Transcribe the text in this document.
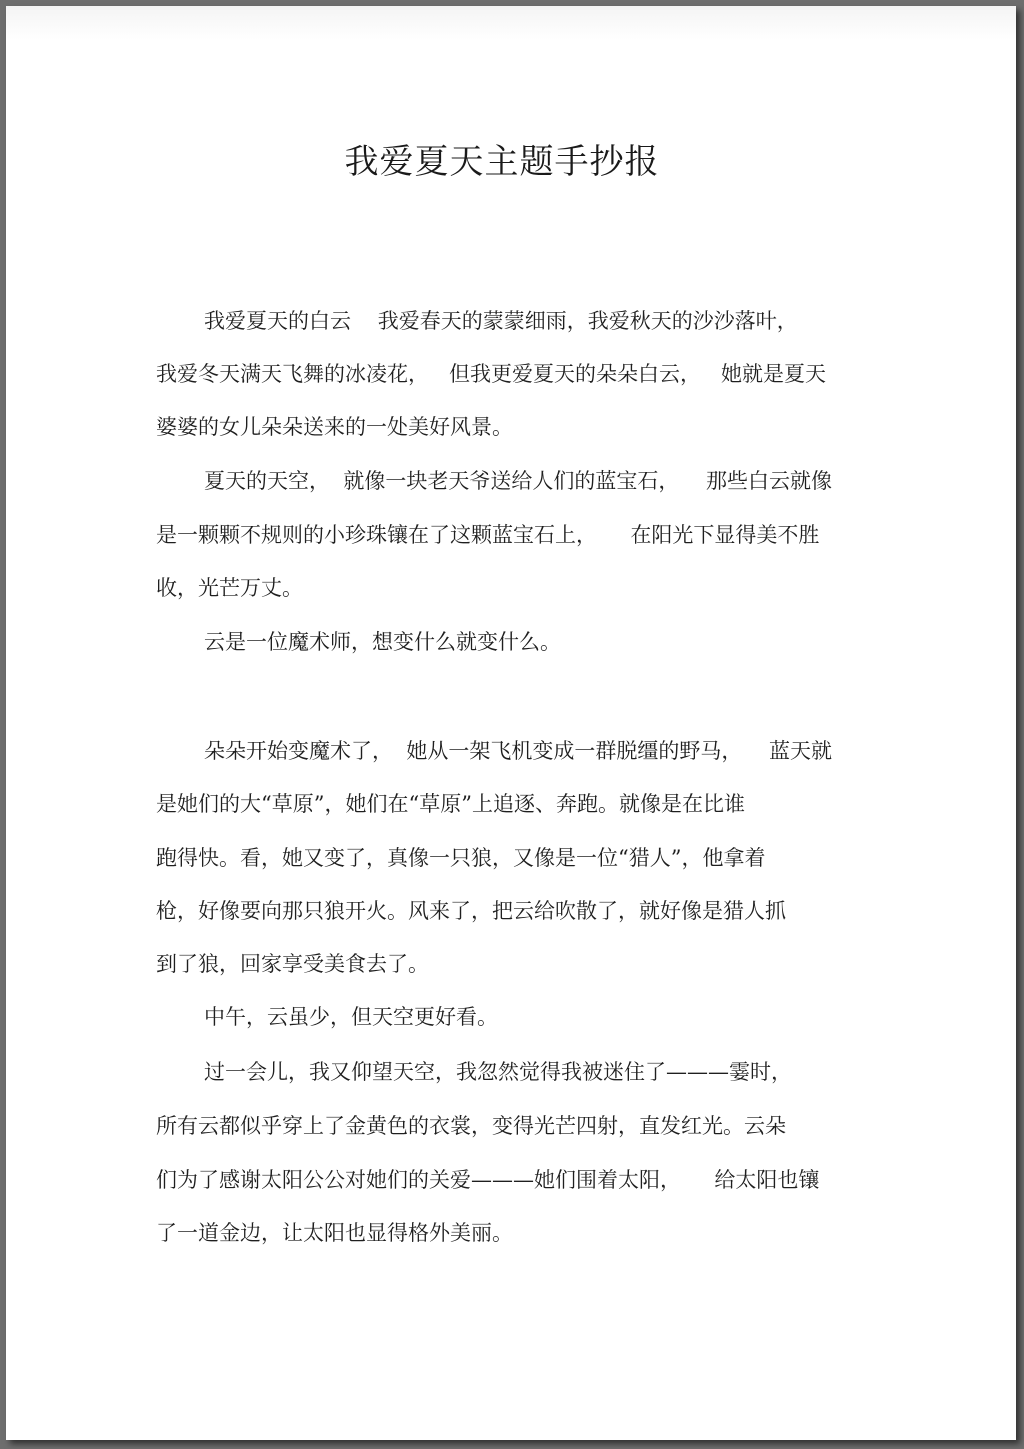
我爱夏天主题手抄报
我爱夏天的白云    我爱春天的蒙蒙细雨，我爱秋天的沙沙落叶，
我爱冬天满天飞舞的冰凌花，   但我更爱夏天的朵朵白云，   她就是夏天
婆婆的女儿朵朵送来的一处美好风景。
夏天的天空，  就像一块老天爷送给人们的蓝宝石，    那些白云就像
是一颗颗不规则的小珍珠镶在了这颗蓝宝石上，     在阳光下显得美不胜
收，光芒万丈。
云是一位魔术师，想变什么就变什么。
朵朵开始变魔术了，  她从一架飞机变成一群脱缰的野马，    蓝天就
是她们的大“草原”，她们在“草原”上追逐、奔跑。就像是在比谁
跑得快。看，她又变了，真像一只狼，又像是一位“猎人”，他拿着
枪，好像要向那只狼开火。风来了，把云给吹散了，就好像是猎人抓
到了狼，回家享受美食去了。
中午，云虽少，但天空更好看。
过一会儿，我又仰望天空，我忽然觉得我被迷住了———霎时，
所有云都似乎穿上了金黄色的衣裳，变得光芒四射，直发红光。云朵
们为了感谢太阳公公对她们的关爱———她们围着太阳，     给太阳也镶
了一道金边，让太阳也显得格外美丽。
